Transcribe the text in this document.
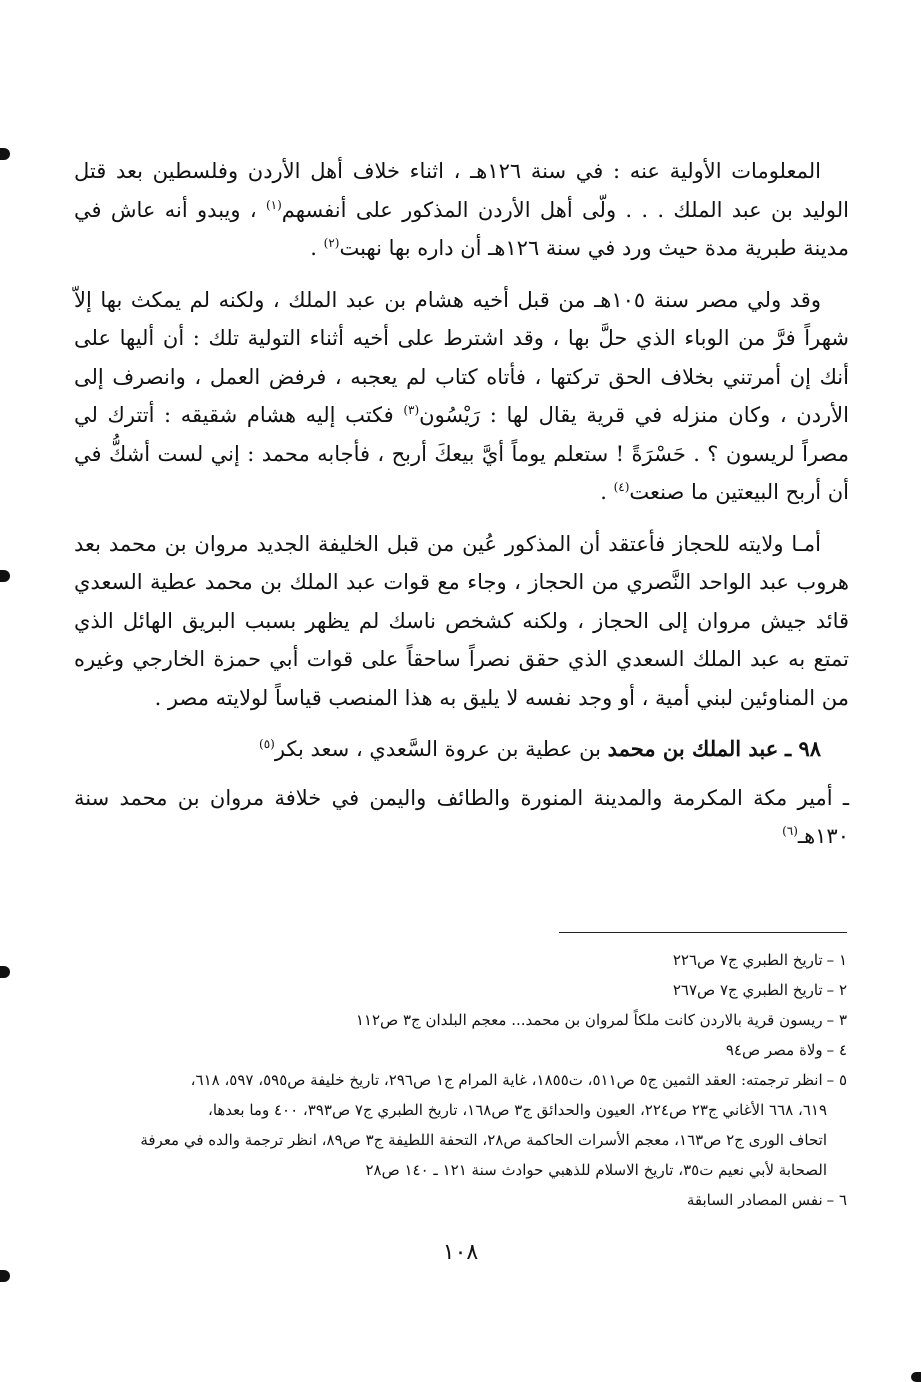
المعلومات الأولية عنه : في سنة ١٢٦هـ ، اثناء خلاف أهل الأردن وفلسطين بعد قتل الوليد بن عبد الملك . . . ولّى أهل الأردن المذكور على أنفسهم$^{(١)}$ ، ويبدو أنه عاش في مدينة طبرية مدة حيث ورد في سنة ١٢٦هـ أن داره بها نهبت$^{(٢)}$ .

وقد ولي مصر سنة ١٠٥هـ من قبل أخيه هشام بن عبد الملك ، ولكنه لم يمكث بها إلاّ شهراً فرَّ من الوباء الذي حلَّ بها ، وقد اشترط على أخيه أثناء التولية تلك : أن أليها على أنك إن أمرتني بخلاف الحق تركتها ، فأتاه كتاب لم يعجبه ، فرفض العمل ، وانصرف إلى الأردن ، وكان منزله في قرية يقال لها : رَيْسُون$^{(٣)}$ فكتب إليه هشام شقيقه : أتترك لي مصراً لريسون ؟ . حَسْرَةً ! ستعلم يوماً أيَّ بيعكَ أربح ، فأجابه محمد : إني لست أشكُّ في أن أربح البيعتين ما صنعت$^{(٤)}$ .

أمـا ولايته للحجاز فأعتقد أن المذكور عُين من قبل الخليفة الجديد مروان بن محمد بعد هروب عبد الواحد النَّصري من الحجاز ، وجاء مع قوات عبد الملك بن محمد عطية السعدي قائد جيش مروان إلى الحجاز ، ولكنه كشخص ناسك لم يظهر بسبب البريق الهائل الذي تمتع به عبد الملك السعدي الذي حقق نصراً ساحقاً على قوات أبي حمزة الخارجي وغيره من المناوئين لبني أمية ، أو وجد نفسه لا يليق به هذا المنصب قياساً لولايته مصر .

٩٨ ـ عبد الملك بن محمد بن عطية بن عروة السَّعدي ، سعد بكر$^{(٥)}$

ـ أمير مكة المكرمة والمدينة المنورة والطائف واليمن في خلافة مروان بن محمد سنة ١٣٠هـ$^{(٦)}$

١ –تاريخ الطبري ج٧ ص٢٢٦

٢ –تاريخ الطبري ج٧ ص٢٦٧

٣ –ريسون قرية بالاردن كانت ملكاً لمروان بن محمد... معجم البلدان ج٣ ص١١٢

٤ –ولاة مصر ص٩٤

٥ –انظر ترجمته: العقد الثمين ج٥ ص٥١١، ت١٨٥٥، غاية المرام ج١ ص٢٩٦، تاريخ خليفة ص٥٩٥، ٥٩٧، ٦١٨،

٦١٩، ٦٦٨ الأغاني ج٢٣ ص٢٢٤، العيون والحدائق ج٣ ص١٦٨، تاريخ الطبري ج٧ ص٣٩٣، ٤٠٠ وما بعدها،

اتحاف الورى ج٢ ص١٦٣، معجم الأسرات الحاكمة ص٢٨، التحفة اللطيفة ج٣ ص٨٩، انظر ترجمة والده في معرفة

الصحابة لأبي نعيم ت٣٥، تاريخ الاسلام للذهبي حوادث سنة ١٢١ ـ ١٤٠ ص٢٨

٦ –نفس المصادر السابقة

١٠٨
